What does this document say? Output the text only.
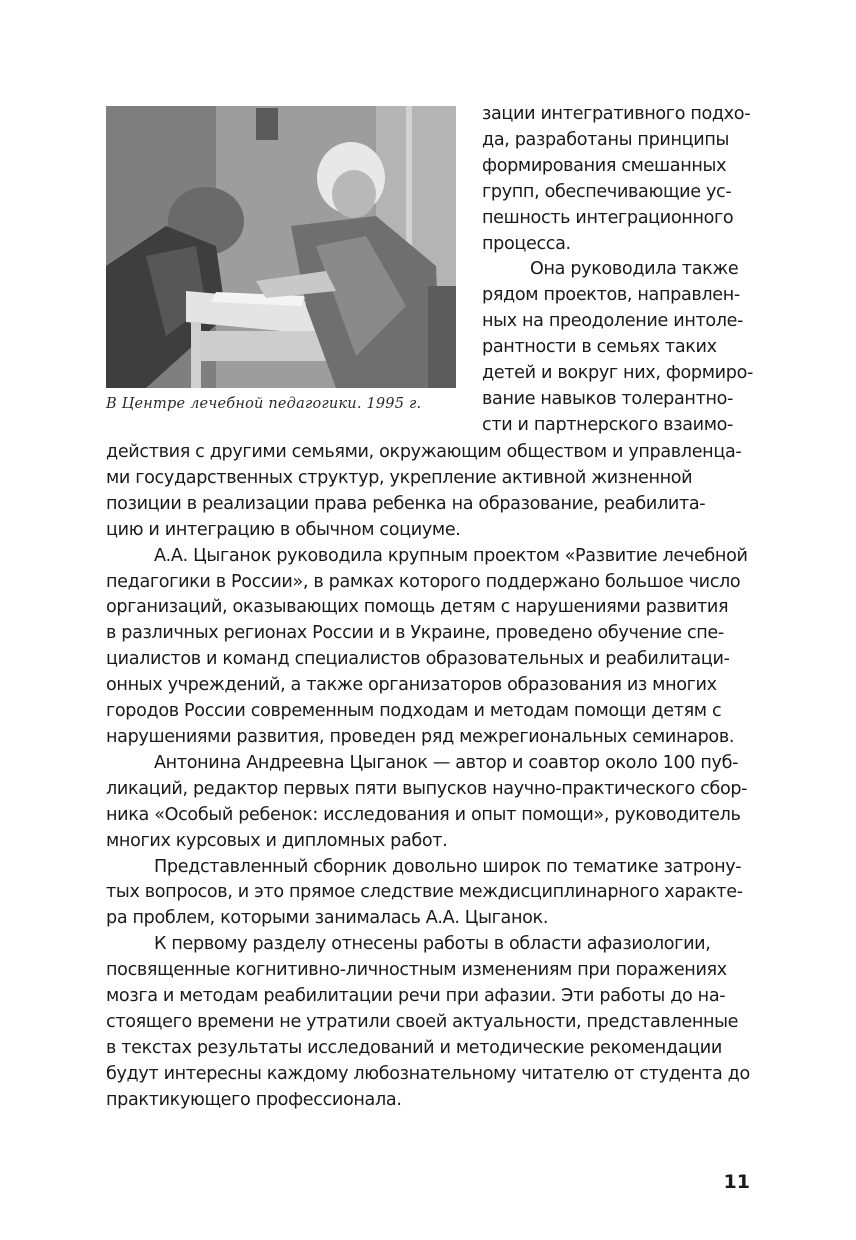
В Центре лечебной педагогики. 1995 г.
зации интегративного подхо-
да, разработаны принципы
формирования смешанных
групп, обеспечивающие ус-
пешность интеграционного
процесса.
Она руководила также
рядом проектов, направлен-
ных на преодоление интоле-
рантности в семьях таких
детей и вокруг них, формиро-
вание навыков толерантно-
сти и партнерского взаимо-
действия с другими семьями, окружающим обществом и управленца-
ми государственных структур, укрепление активной жизненной
позиции в реализации права ребенка на образование, реабилита-
цию и интеграцию в обычном социуме.
А.А. Цыганок руководила крупным проектом «Развитие лечебной
педагогики в России», в рамках которого поддержано большое число
организаций, оказывающих помощь детям с нарушениями развития
в различных регионах России и в Украине, проведено обучение спе-
циалистов и команд специалистов образовательных и реабилитаци-
онных учреждений, а также организаторов образования из многих
городов России современным подходам и методам помощи детям с
нарушениями развития, проведен ряд межрегиональных семинаров.
Антонина Андреевна Цыганок — автор и соавтор около 100 пуб-
ликаций, редактор первых пяти выпусков научно-практического сбор-
ника «Особый ребенок: исследования и опыт помощи», руководитель
многих курсовых и дипломных работ.
Представленный сборник довольно широк по тематике затрону-
тых вопросов, и это прямое следствие междисциплинарного характе-
ра проблем, которыми занималась А.А. Цыганок.
К первому разделу отнесены работы в области афазиологии,
посвященные когнитивно-личностным изменениям при поражениях
мозга и методам реабилитации речи при афазии. Эти работы до на-
стоящего времени не утратили своей актуальности, представленные
в текстах результаты исследований и методические рекомендации
будут интересны каждому любознательному читателю от студента до
практикующего профессионала.
11
